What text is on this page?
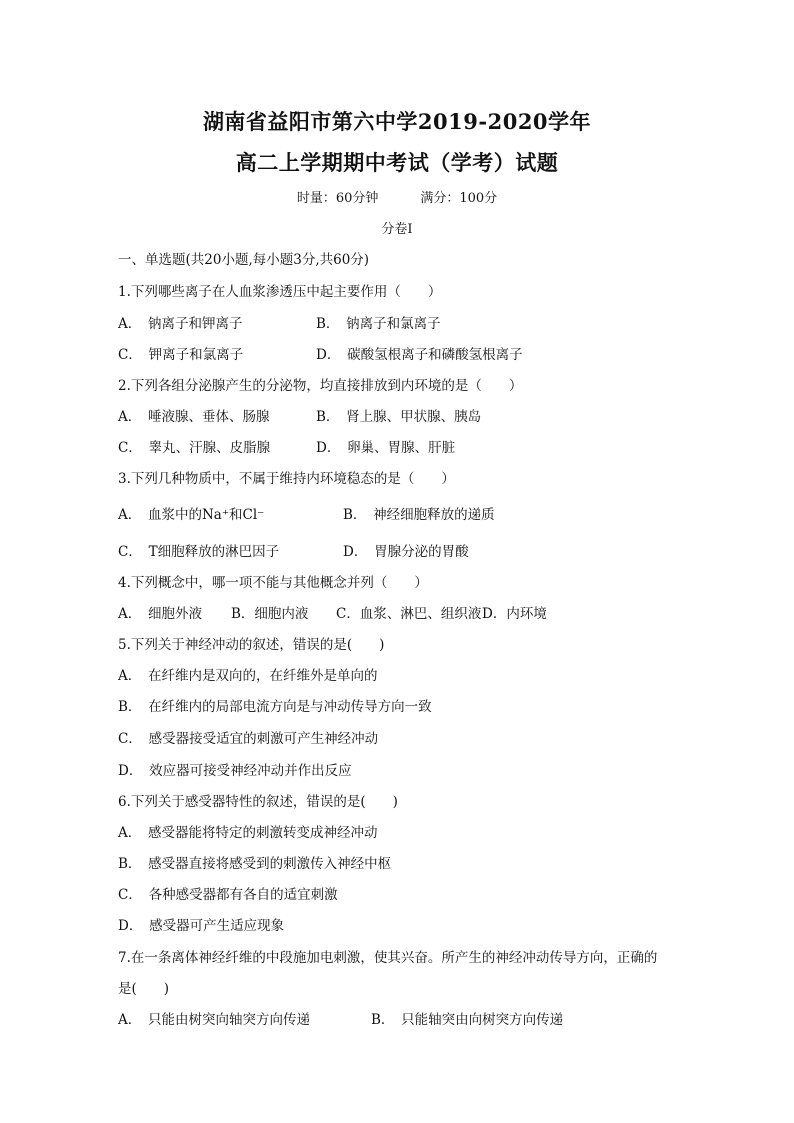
湖南省益阳市第六中学2019-2020学年
高二上学期期中考试（学考）试题
时量：60分钟	满分：100分
分卷I
一、单选题(共20小题,每小题3分,共60分)
1.下列哪些离子在人血浆渗透压中起主要作用（　　）
A．　钠离子和钾离子	B．　钠离子和氯离子
C．　钾离子和氯离子	D．　碳酸氢根离子和磷酸氢根离子
2.下列各组分泌腺产生的分泌物，均直接排放到内环境的是（　　）
A．　唾液腺、垂体、肠腺	B．　肾上腺、甲状腺、胰岛
C．　睾丸、汗腺、皮脂腺	D．　卵巢、胃腺、肝脏
3.下列几种物质中，不属于维持内环境稳态的是（　　）
A．　血浆中的Na⁺和Cl⁻	B．　神经细胞释放的递质
C．　T细胞释放的淋巴因子	D．　胃腺分泌的胃酸
4.下列概念中，哪一项不能与其他概念并列（　　）
A．　细胞外液 B．细胞内液 C．血浆、淋巴、组织液 D．内环境
5.下列关于神经冲动的叙述，错误的是(　　)
A．　在纤维内是双向的，在纤维外是单向的
B．　在纤维内的局部电流方向是与冲动传导方向一致
C．　感受器接受适宜的刺激可产生神经冲动
D．　效应器可接受神经冲动并作出反应
6.下列关于感受器特性的叙述，错误的是(　　)
A．　感受器能将特定的刺激转变成神经冲动
B．　感受器直接将感受到的刺激传入神经中枢
C．　各种感受器都有各自的适宜刺激
D．　感受器可产生适应现象
7.在一条离体神经纤维的中段施加电刺激，使其兴奋。所产生的神经冲动传导方向，正确的
是(　　)
A．　只能由树突向轴突方向传递	B．　只能轴突由向树突方向传递
